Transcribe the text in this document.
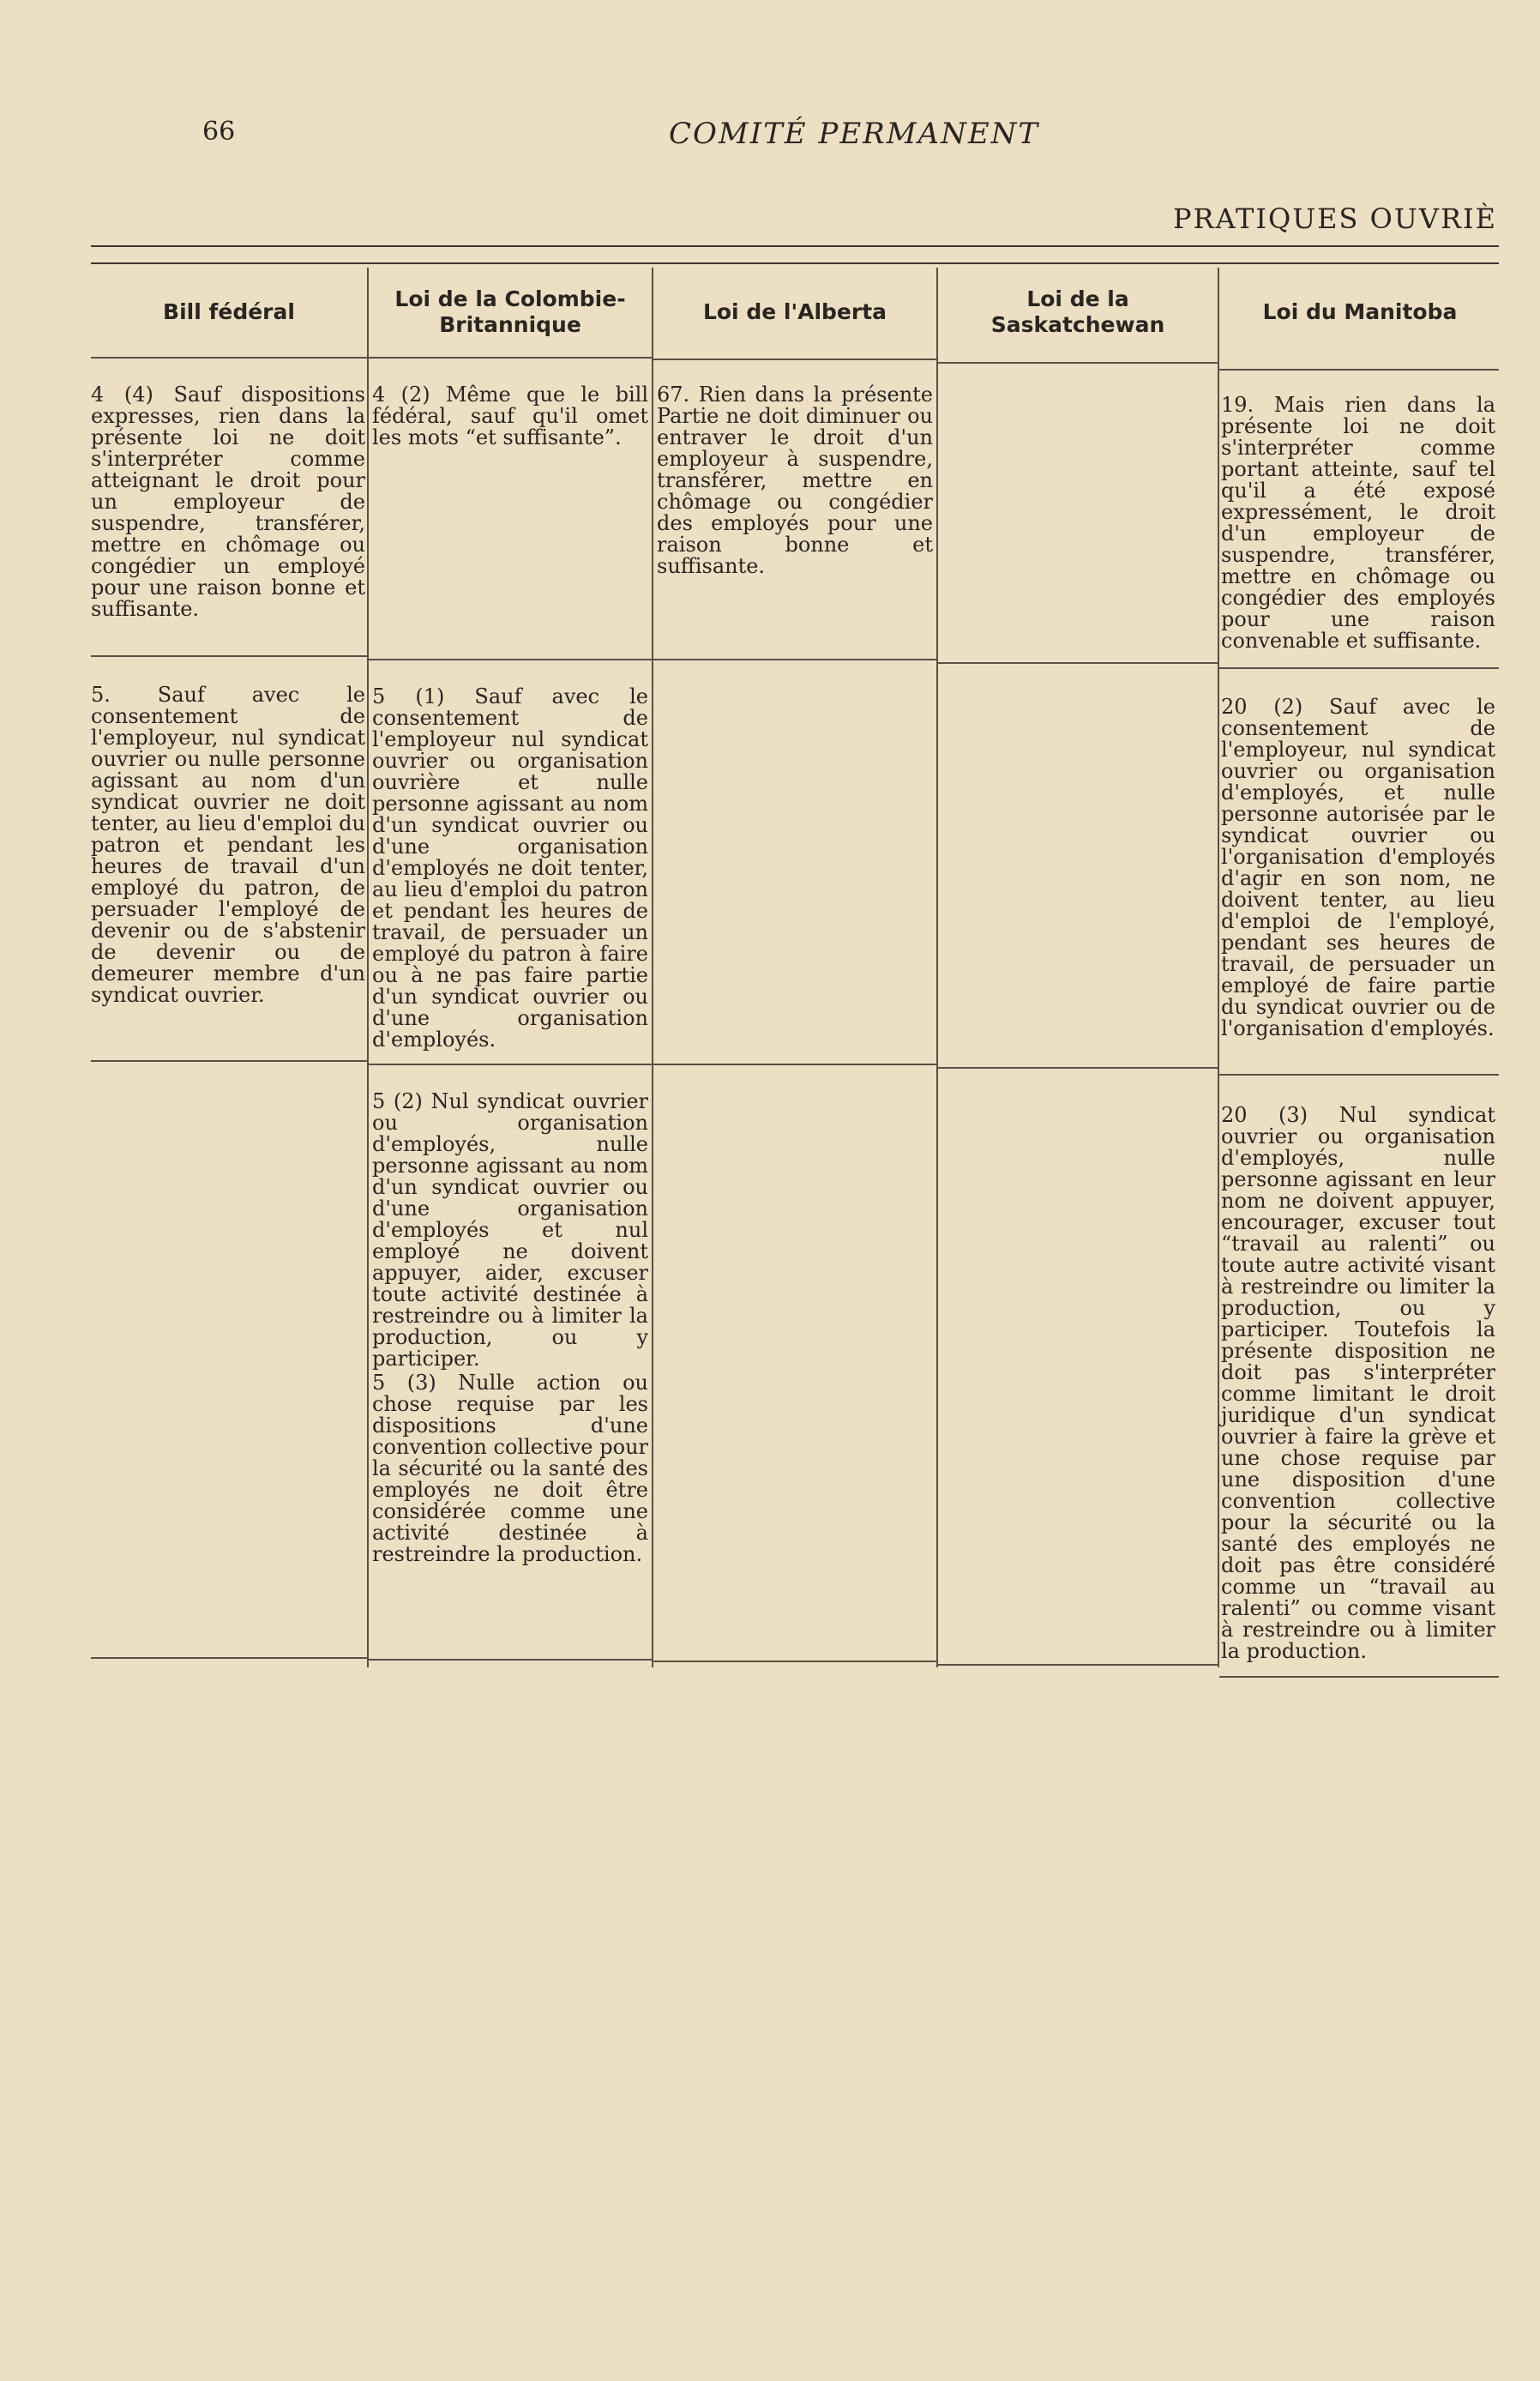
66	COMITÉ PERMANENT
PRATIQUES OUVRIÈ
Bill fédéral
Loi de la Colombie-Britannique
Loi de l'Alberta
Loi de la Saskatchewan
Loi du Manitoba
4 (4) Sauf dispositions expresses, rien dans la présente loi ne doit s'interpréter comme atteignant le droit pour un employeur de suspendre, transférer, mettre en chômage ou congédier un employé pour une raison bonne et suffisante.
4 (2) Même que le bill fédéral, sauf qu'il omet les mots “et suffisante”.
67. Rien dans la présente Partie ne doit diminuer ou entraver le droit d'un employeur à suspendre, transférer, mettre en chômage ou congédier des employés pour une raison bonne et suffisante.
19. Mais rien dans la présente loi ne doit s'interpréter comme portant atteinte, sauf tel qu'il a été exposé expressément, le droit d'un employeur de suspendre, transférer, mettre en chômage ou congédier des employés pour une raison convenable et suffisante.
5. Sauf avec le consentement de l'employeur, nul syndicat ouvrier ou nulle personne agissant au nom d'un syndicat ouvrier ne doit tenter, au lieu d'emploi du patron et pendant les heures de travail d'un employé du patron, de persuader l'employé de devenir ou de s'abstenir de devenir ou de demeurer membre d'un syndicat ouvrier.
5 (1) Sauf avec le consentement de l'employeur nul syndicat ouvrier ou organisation ouvrière et nulle personne agissant au nom d'un syndicat ouvrier ou d'une organisation d'employés ne doit tenter, au lieu d'emploi du patron et pendant les heures de travail, de persuader un employé du patron à faire ou à ne pas faire partie d'un syndicat ouvrier ou d'une organisation d'employés.
20 (2) Sauf avec le consentement de l'employeur, nul syndicat ouvrier ou organisation d'employés, et nulle personne autorisée par le syndicat ouvrier ou l'organisation d'employés d'agir en son nom, ne doivent tenter, au lieu d'emploi de l'employé, pendant ses heures de travail, de persuader un employé de faire partie du syndicat ouvrier ou de l'organisation d'employés.
5 (2) Nul syndicat ouvrier ou organisation d'employés, nulle personne agissant au nom d'un syndicat ouvrier ou d'une organisation d'employés et nul employé ne doivent appuyer, aider, excuser toute activité destinée à restreindre ou à limiter la production, ou y participer.
5 (3) Nulle action ou chose requise par les dispositions d'une convention collective pour la sécurité ou la santé des employés ne doit être considérée comme une activité destinée à restreindre la production.
20 (3) Nul syndicat ouvrier ou organisation d'employés, nulle personne agissant en leur nom ne doivent appuyer, encourager, excuser tout “travail au ralenti” ou toute autre activité visant à restreindre ou limiter la production, ou y participer. Toutefois la présente disposition ne doit pas s'interpréter comme limitant le droit juridique d'un syndicat ouvrier à faire la grève et une chose requise par une disposition d'une convention collective pour la sécurité ou la santé des employés ne doit pas être considéré comme un “travail au ralenti” ou comme visant à restreindre ou à limiter la production.
